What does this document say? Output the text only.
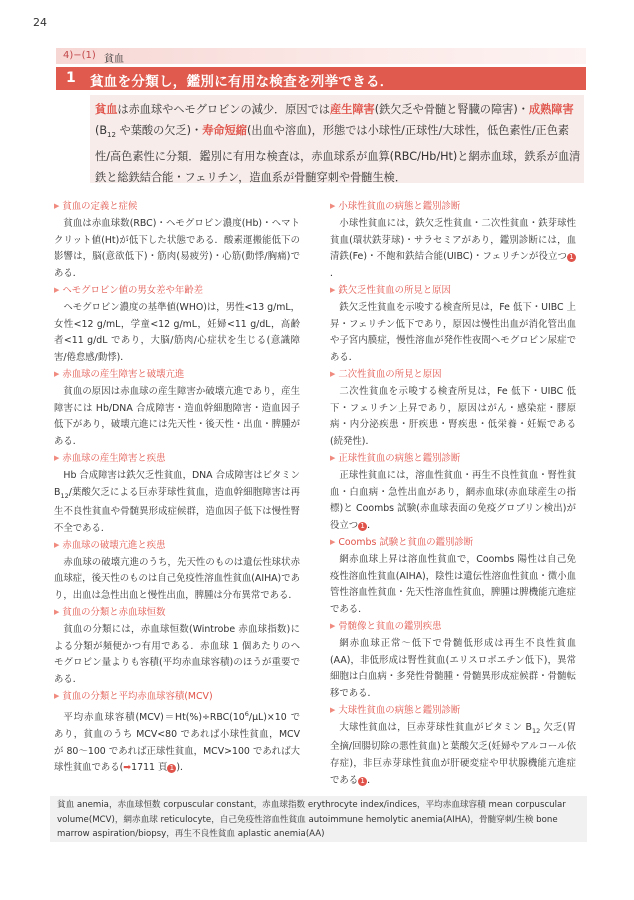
24
4)−(1) 貧血
1 貧血を分類し，鑑別に有用な検査を列挙できる．
貧血は赤血球やヘモグロビンの減少．原因では産生障害(鉄欠乏や骨髄と腎臓の障害)・成熟障害($B_{12}$ や葉酸の欠乏)・寿命短縮(出血や溶血)，形態では小球性/正球性/大球性，低色素性/正色素性/高色素性に分類．鑑別に有用な検査は，赤血球系が血算(RBC/Hb/Ht)と網赤血球，鉄系が血清鉄と総鉄結合能・フェリチン，造血系が骨髄穿刺や骨髄生検．
▶ 貧血の定義と症候
貧血は赤血球数(RBC)・ヘモグロビン濃度(Hb)・ヘマトクリット値(Ht)が低下した状態である．酸素運搬能低下の影響は，脳(意欲低下)・筋肉(易疲労)・心筋(動悸/胸痛)である．
▶ ヘモグロビン値の男女差や年齢差
ヘモグロビン濃度の基準値(WHO)は，男性<13 g/mL，女性<12 g/mL，学童<12 g/mL，妊婦<11 g/dL，高齢者<11 g/dL であり，大脳/筋肉/心症状を生じる(意識障害/倦怠感/動悸)．
▶ 赤血球の産生障害と破壊亢進
貧血の原因は赤血球の産生障害か破壊亢進であり，産生障害には Hb/DNA 合成障害・造血幹細胞障害・造血因子低下があり，破壊亢進には先天性・後天性・出血・脾腫がある．
▶ 赤血球の産生障害と疾患
Hb 合成障害は鉄欠乏性貧血，DNA 合成障害はビタミン $B_{12}/$葉酸欠乏による巨赤芽球性貧血，造血幹細胞障害は再生不良性貧血や骨髄異形成症候群，造血因子低下は慢性腎不全である．
▶ 赤血球の破壊亢進と疾患
赤血球の破壊亢進のうち，先天性のものは遺伝性球状赤血球症，後天性のものは自己免疫性溶血性貧血(AIHA)であり，出血は急性出血と慢性出血，脾腫は分布異常である．
▶ 貧血の分類と赤血球恒数
貧血の分類には，赤血球恒数(Wintrobe 赤血球指数)による分類が頻便かつ有用である．赤血球 1 個あたりのヘモグロビン量よりも容積(平均赤血球容積)のほうが重要である．
▶ 貧血の分類と平均赤血球容積(MCV)
平均赤血球容積$(MCV)=Ht(\%)\div RBC(10^6/\mu L)\times 10$ であり，貧血のうち MCV<80 であれば小球性貧血，MCV が 80～100 であれば正球性貧血，MCV>100 であれば大球性貧血である(➡1711 頁 1 )．
▶ 小球性貧血の病態と鑑別診断
小球性貧血には，鉄欠乏性貧血・二次性貧血・鉄芽球性貧血(環状鉄芽球)・サラセミアがあり，鑑別診断には，血清鉄(Fe)・不飽和鉄結合能(UIBC)・フェリチンが役立つ 1．
▶ 鉄欠乏性貧血の所見と原因
鉄欠乏性貧血を示唆する検査所見は，Fe 低下・UIBC 上昇・フェリチン低下であり，原因は慢性出血が消化管出血や子宮内膜症，慢性溶血が発作性夜間ヘモグロビン尿症である．
▶ 二次性貧血の所見と原因
二次性貧血を示唆する検査所見は，Fe 低下・UIBC 低下・フェリチン上昇であり，原因はがん・感染症・膠原病・内分泌疾患・肝疾患・腎疾患・低栄養・妊娠である(続発性)．
▶ 正球性貧血の病態と鑑別診断
正球性貧血には，溶血性貧血・再生不良性貧血・腎性貧血・白血病・急性出血があり，網赤血球(赤血球産生の指標)と Coombs 試験(赤血球表面の免疫グロブリン検出)が役立つ 1 ．
▶ Coombs 試験と貧血の鑑別診断
網赤血球上昇は溶血性貧血で，Coombs 陽性は自己免疫性溶血性貧血(AIHA)，陰性は遺伝性溶血性貧血・微小血管性溶血性貧血・先天性溶血性貧血，脾腫は脾機能亢進症である．
▶ 骨髄像と貧血の鑑別疾患
網赤血球正常～低下で骨髄低形成は再生不良性貧血(AA)，非低形成は腎性貧血(エリスロポエチン低下)，異常細胞は白血病・多発性骨髄腫・骨髄異形成症候群・骨髄転移である．
▶ 大球性貧血の病態と鑑別診断
大球性貧血は，巨赤芽球性貧血がビタミン $B_{12}$ 欠乏(胃全摘/回腸切除の悪性貧血)と葉酸欠乏(妊婦やアルコール依存症)，非巨赤芽球性貧血が肝硬変症や甲状腺機能亢進症である 1 ．
貧血 anemia，赤血球恒数 corpuscular constant，赤血球指数 erythrocyte index/indices，平均赤血球容積 mean corpuscular volume(MCV)，網赤血球 reticulocyte，自己免疫性溶血性貧血 autoimmune hemolytic anemia(AIHA)，骨髄穿刺/生検 bone marrow aspiration/biopsy，再生不良性貧血 aplastic anemia(AA)
